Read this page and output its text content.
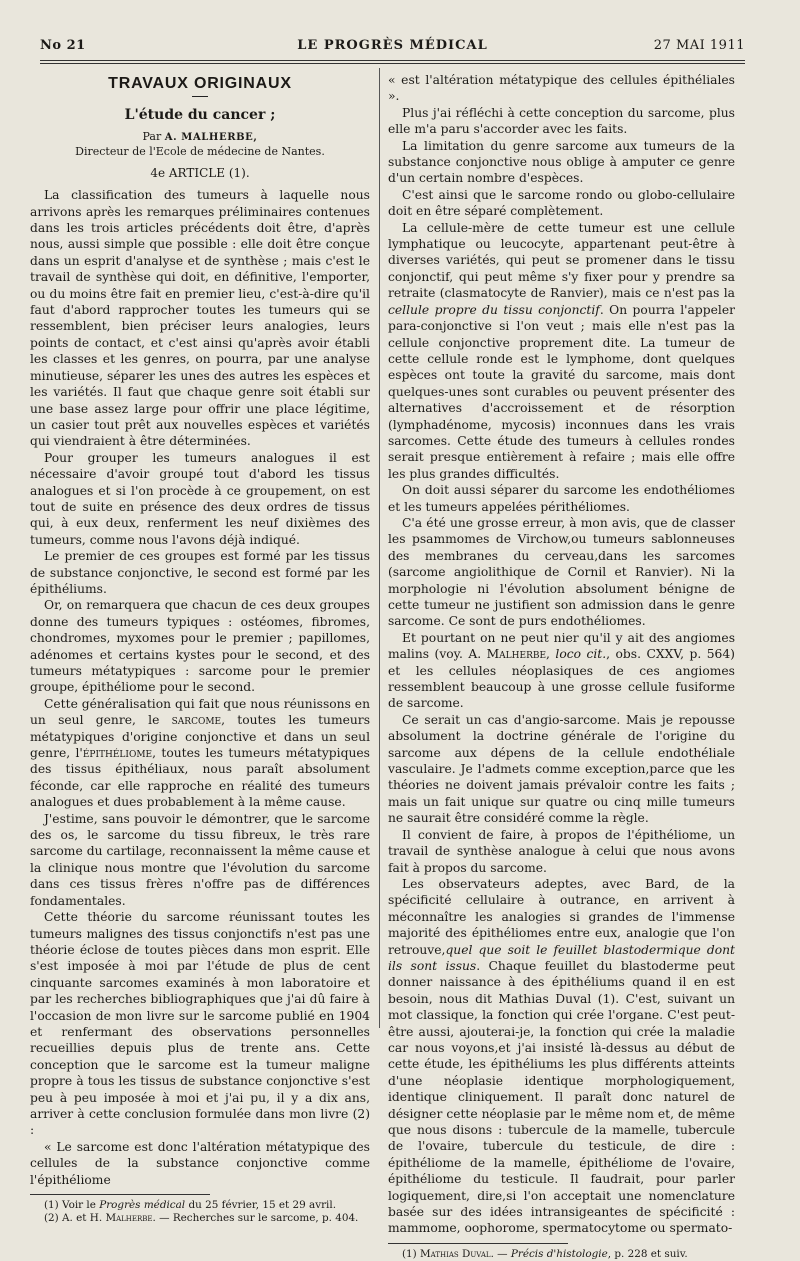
No 21	LE PROGRÈS MÉDICAL	27 MAI 1911
TRAVAUX ORIGINAUX
L'étude du cancer ;
Par A. MALHERBE,
Directeur de l'Ecole de médecine de Nantes.
4e ARTICLE (1).

La classification des tumeurs à laquelle nous arrivons après les remarques préliminaires contenues dans les trois articles précédents doit être, d'après nous, aussi simple que possible : elle doit être conçue dans un esprit d'analyse et de synthèse ; mais c'est le travail de synthèse qui doit, en définitive, l'emporter, ou du moins être fait en premier lieu, c'est-à-dire qu'il faut d'abord rapprocher toutes les tumeurs qui se ressemblent, bien préciser leurs analogies, leurs points de contact, et c'est ainsi qu'après avoir établi les classes et les genres, on pourra, par une analyse minutieuse, séparer les unes des autres les espèces et les variétés. Il faut que chaque genre soit établi sur une base assez large pour offrir une place légitime, un casier tout prêt aux nouvelles espèces et variétés qui viendraient à être déterminées.

Pour grouper les tumeurs analogues il est nécessaire d'avoir groupé tout d'abord les tissus analogues et si l'on procède à ce groupement, on est tout de suite en présence des deux ordres de tissus qui, à eux deux, renferment les neuf dixièmes des tumeurs, comme nous l'avons déjà indiqué.

Le premier de ces groupes est formé par les tissus de substance conjonctive, le second est formé par les épithéliums.

Or, on remarquera que chacun de ces deux groupes donne des tumeurs typiques : ostéomes, fibromes, chondromes, myxomes pour le premier ; papillomes, adénomes et certains kystes pour le second, et des tumeurs métatypiques : sarcome pour le premier groupe, épithéliome pour le second.

Cette généralisation qui fait que nous réunissons en un seul genre, le sarcome, toutes les tumeurs métatypiques d'origine conjonctive et dans un seul genre, l'épithéliome, toutes les tumeurs métatypiques des tissus épithéliaux, nous paraît absolument féconde, car elle rapproche en réalité des tumeurs analogues et dues probablement à la même cause.

J'estime, sans pouvoir le démontrer, que le sarcome des os, le sarcome du tissu fibreux, le très rare sarcome du cartilage, reconnaissent la même cause et la clinique nous montre que l'évolution du sarcome dans ces tissus frères n'offre pas de différences fondamentales.

Cette théorie du sarcome réunissant toutes les tumeurs malignes des tissus conjonctifs n'est pas une théorie éclose de toutes pièces dans mon esprit. Elle s'est imposée à moi par l'étude de plus de cent cinquante sarcomes examinés à mon laboratoire et par les recherches bibliographiques que j'ai dû faire à l'occasion de mon livre sur le sarcome publié en 1904 et renfermant des observations personnelles recueillies depuis plus de trente ans. Cette conception que le sarcome est la tumeur maligne propre à tous les tissus de substance conjonctive s'est peu à peu imposée à moi et j'ai pu, il y a dix ans, arriver à cette conclusion formulée dans mon livre (2) :

« Le sarcome est donc l'altération métatypique des cellules de la substance conjonctive comme l'épithéliome

(1) Voir le Progrès médical du 25 février, 15 et 29 avril.

(2) A. et H. Malherbe. — Recherches sur le sarcome, p. 404.

« est l'altération métatypique des cellules épithéliales ».

Plus j'ai réfléchi à cette conception du sarcome, plus elle m'a paru s'accorder avec les faits.

La limitation du genre sarcome aux tumeurs de la substance conjonctive nous oblige à amputer ce genre d'un certain nombre d'espèces.

C'est ainsi que le sarcome rondo ou globo-cellulaire doit en être séparé complètement.

La cellule-mère de cette tumeur est une cellule lymphatique ou leucocyte, appartenant peut-être à diverses variétés, qui peut se promener dans le tissu conjonctif, qui peut même s'y fixer pour y prendre sa retraite (clasmatocyte de Ranvier), mais ce n'est pas la cellule propre du tissu conjonctif. On pourra l'appeler para-conjonctive si l'on veut ; mais elle n'est pas la cellule conjonctive proprement dite. La tumeur de cette cellule ronde est le lymphome, dont quelques espèces ont toute la gravité du sarcome, mais dont quelques-unes sont curables ou peuvent présenter des alternatives d'accroissement et de résorption (lymphadénome, mycosis) inconnues dans les vrais sarcomes. Cette étude des tumeurs à cellules rondes serait presque entièrement à refaire ; mais elle offre les plus grandes difficultés.

On doit aussi séparer du sarcome les endothéliomes et les tumeurs appelées périthéliomes.

C'a été une grosse erreur, à mon avis, que de classer les psammomes de Virchow,ou tumeurs sablonneuses des membranes du cerveau,dans les sarcomes (sarcome angiolithique de Cornil et Ranvier). Ni la morphologie ni l'évolution absolument bénigne de cette tumeur ne justifient son admission dans le genre sarcome. Ce sont de purs endothéliomes.

Et pourtant on ne peut nier qu'il y ait des angiomes malins (voy. A. Malherbe, loco cit., obs. CXXV, p. 564) et les cellules néoplasiques de ces angiomes ressemblent beaucoup à une grosse cellule fusiforme de sarcome.

Ce serait un cas d'angio-sarcome. Mais je repousse absolument la doctrine générale de l'origine du sarcome aux dépens de la cellule endothéliale vasculaire. Je l'admets comme exception,parce que les théories ne doivent jamais prévaloir contre les faits ; mais un fait unique sur quatre ou cinq mille tumeurs ne saurait être considéré comme la règle.

Il convient de faire, à propos de l'épithéliome, un travail de synthèse analogue à celui que nous avons fait à propos du sarcome.

Les observateurs adeptes, avec Bard, de la spécificité cellulaire à outrance, en arrivent à méconnaître les analogies si grandes de l'immense majorité des épithéliomes entre eux, analogie que l'on retrouve,quel que soit le feuillet blastodermique dont ils sont issus. Chaque feuillet du blastoderme peut donner naissance à des épithéliums quand il en est besoin, nous dit Mathias Duval (1). C'est, suivant un mot classique, la fonction qui crée l'organe. C'est peut-être aussi, ajouterai-je, la fonction qui crée la maladie car nous voyons,et j'ai insisté là-dessus au début de cette étude, les épithéliums les plus différents atteints d'une néoplasie identique morphologiquement, identique cliniquement. Il paraît donc naturel de désigner cette néoplasie par le même nom et, de même que nous disons : tubercule de la mamelle, tubercule de l'ovaire, tubercule du testicule, de dire : épithéliome de la mamelle, épithéliome de l'ovaire, épithéliome du testicule. Il faudrait, pour parler logiquement, dire,si l'on acceptait une nomenclature basée sur des idées intransigeantes de spécificité : mammome, oophorome, spermatocytome ou spermato-

(1) Mathias Duval. — Précis d'histologie, p. 228 et suiv.
